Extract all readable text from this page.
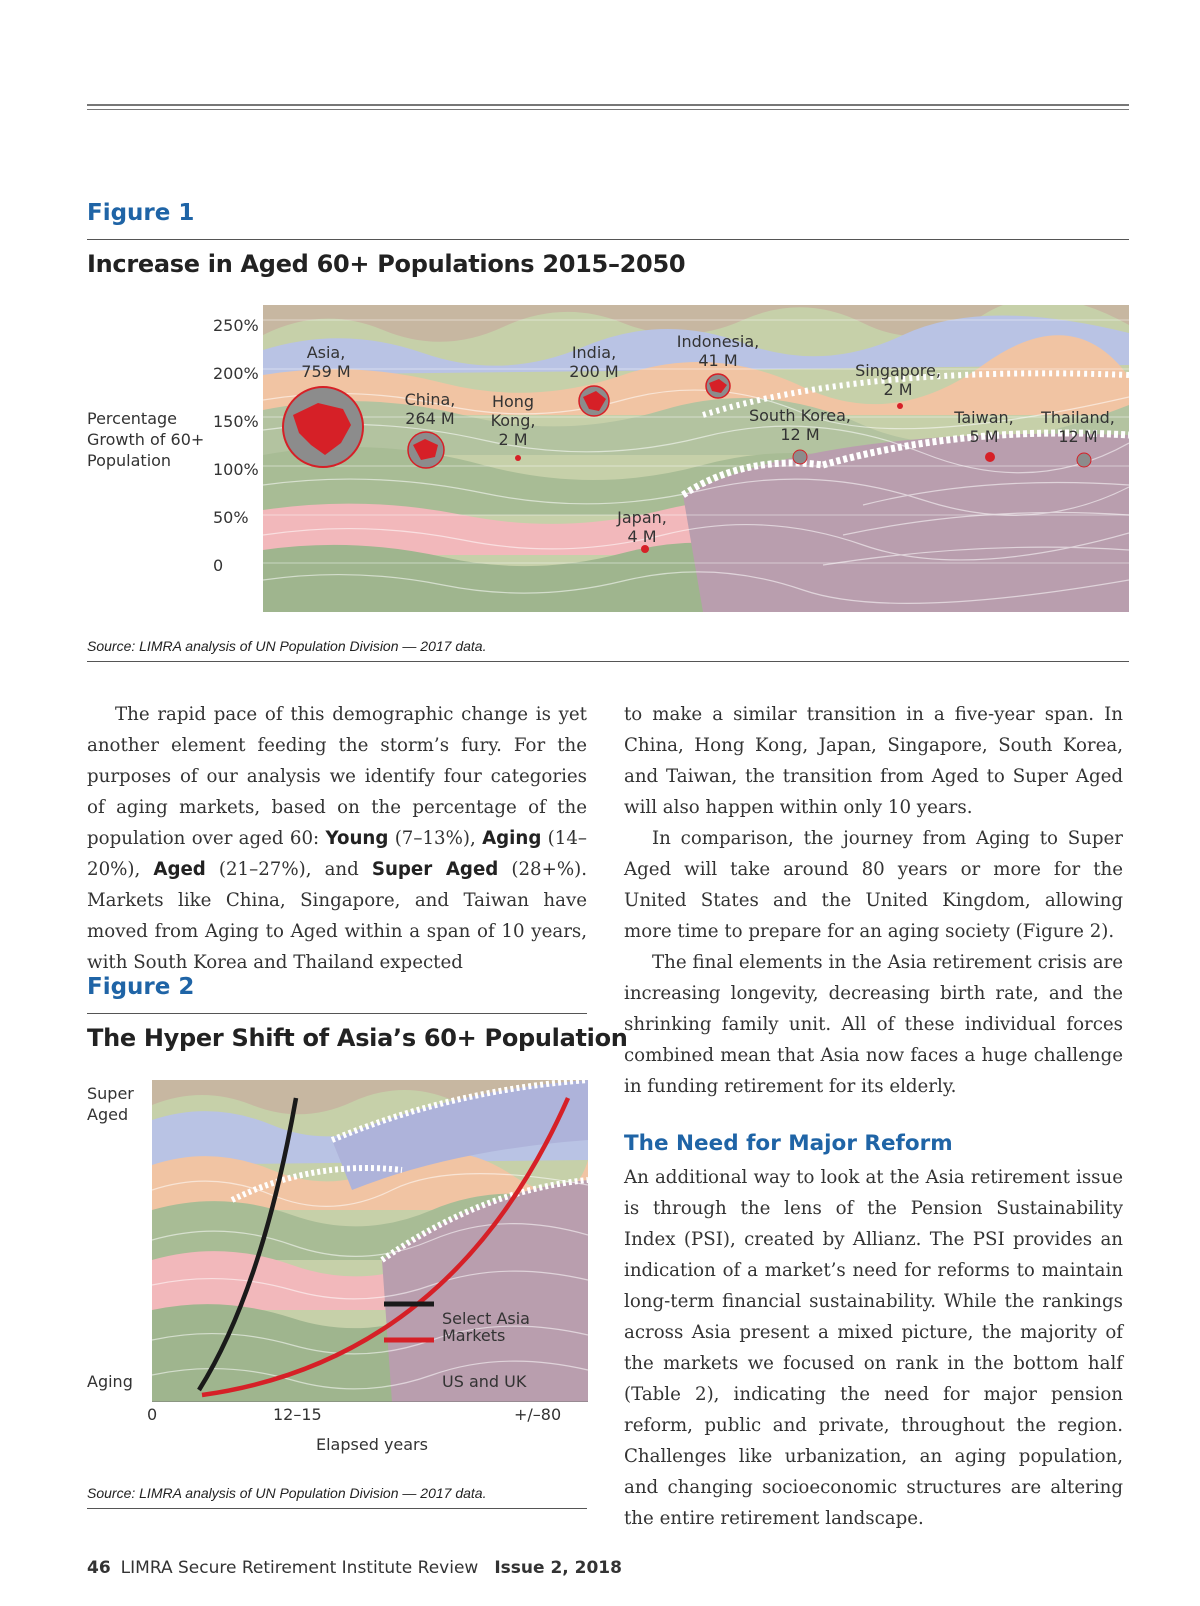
Figure 1
Increase in Aged 60+ Populations 2015–2050
Percentage
Growth of 60+
Population
250%
200%
150%
100%
50%
0
Asia,
759 M
China,
264 M
Hong
Kong,
2 M
India,
200 M
Indonesia,
41 M
Singapore,
2 M
South Korea,
12 M
Taiwan,
5 M
Thailand,
12 M
Japan,
4 M
Source: LIMRA analysis of UN Population Division — 2017 data.

The rapid pace of this demographic change is yet another element feeding the storm’s fury. For the purposes of our analysis we identify four categories of aging markets, based on the percentage of the population over aged 60: Young (7–13%), Aging (14–20%), Aged (21–27%), and Super Aged (28+%). Markets like China, Singapore, and Taiwan have moved from Aging to Aged within a span of 10 years, with South Korea and Thailand expected

Figure 2
The Hyper Shift of Asia’s 60+ Population
Super
Aged
Aging
Select Asia
Markets
US and UK
0	12–15	+/–80
Elapsed years
Source: LIMRA analysis of UN Population Division — 2017 data.

to make a similar transition in a five-year span. In China, Hong Kong, Japan, Singapore, South Korea, and Taiwan, the transition from Aged to Super Aged will also happen within only 10 years.

In comparison, the journey from Aging to Super Aged will take around 80 years or more for the United States and the United Kingdom, allowing more time to prepare for an aging society (Figure 2).

The final elements in the Asia retirement crisis are increasing longevity, decreasing birth rate, and the shrinking family unit. All of these individual forces combined mean that Asia now faces a huge challenge in funding retirement for its elderly.

The Need for Major Reform

An additional way to look at the Asia retirement issue is through the lens of the Pension Sustainability Index (PSI), created by Allianz. The PSI provides an indication of a market’s need for reforms to maintain long-term financial sustainability. While the rankings across Asia present a mixed picture, the majority of the markets we focused on rank in the bottom half (Table 2), indicating the need for major pension reform, public and private, throughout the region. Challenges like urbanization, an aging population, and changing socioeconomic structures are altering the entire retirement landscape.

46 LIMRA Secure Retirement Institute Review Issue 2, 2018
